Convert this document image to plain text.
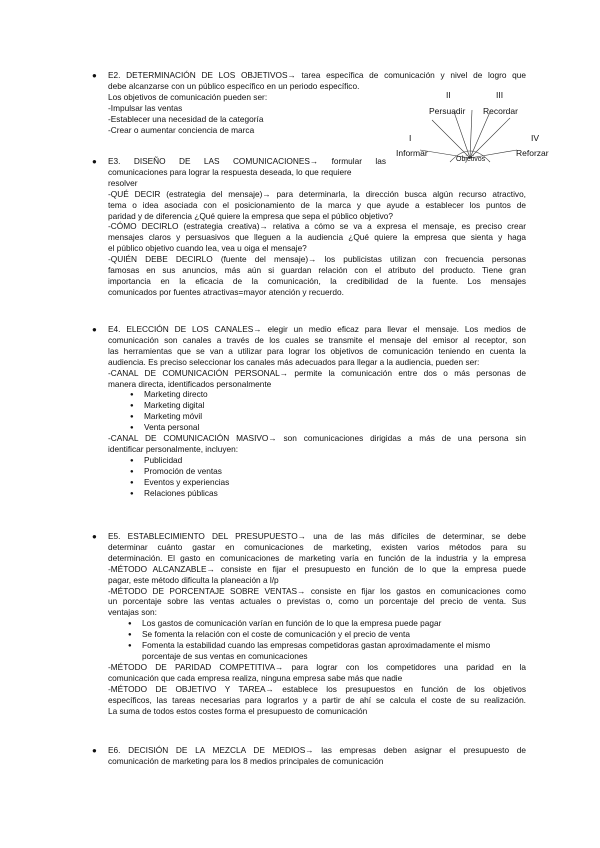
● E2. DETERMINACIÓN DE LOS OBJETIVOS→ tarea específica de comunicación y nivel de logro que
debe alcanzarse con un público específico en un periodo específico.
Los objetivos de comunicación pueden ser:
-Impulsar las ventas
-Establecer una necesidad de la categoría
-Crear o aumentar conciencia de marca
II	III
Persuadir Recordar
I	IV
Informar	Reforzar
Objetivos
● E3. DISEÑO DE LAS COMUNICACIONES→ formular las
comunicaciones para lograr la respuesta deseada, lo que requiere
resolver
-QUÉ DECIR (estrategia del mensaje)→ para determinarla, la dirección busca algún recurso atractivo,
tema o idea asociada con el posicionamiento de la marca y que ayude a establecer los puntos de
paridad y de diferencia ¿Qué quiere la empresa que sepa el público objetivo?
-CÓMO DECIRLO (estrategia creativa)→ relativa a cómo se va a expresa el mensaje, es preciso crear
mensajes claros y persuasivos que lleguen a la audiencia ¿Qué quiere la empresa que sienta y haga
el público objetivo cuando lea, vea u oiga el mensaje?
-QUIÉN DEBE DECIRLO (fuente del mensaje)→ los publicistas utilizan con frecuencia personas
famosas en sus anuncios, más aún si guardan relación con el atributo del producto. Tiene gran
importancia en la eficacia de la comunicación, la credibilidad de la fuente. Los mensajes
comunicados por fuentes atractivas=mayor atención y recuerdo.
● E4. ELECCIÓN DE LOS CANALES→ elegir un medio eficaz para llevar el mensaje. Los medios de
comunicación son canales a través de los cuales se transmite el mensaje del emisor al receptor, son
las herramientas que se van a utilizar para lograr los objetivos de comunicación teniendo en cuenta la
audiencia. Es preciso seleccionar los canales más adecuados para llegar a la audiencia, pueden ser:
-CANAL DE COMUNICACIÓN PERSONAL→ permite la comunicación entre dos o más personas de
manera directa, identificados personalmente
● Marketing directo
● Marketing digital
● Marketing móvil
● Venta personal
-CANAL DE COMUNICACIÓN MASIVO→ son comunicaciones dirigidas a más de una persona sin
identificar personalmente, incluyen:
● Publicidad
● Promoción de ventas
● Eventos y experiencias
● Relaciones públicas
● E5. ESTABLECIMIENTO DEL PRESUPUESTO→ una de las más difíciles de determinar, se debe
determinar cuánto gastar en comunicaciones de marketing, existen varios métodos para su
determinación. El gasto en comunicaciones de marketing varía en función de la industria y la empresa
-MÉTODO ALCANZABLE→ consiste en fijar el presupuesto en función de lo que la empresa puede
pagar, este método dificulta la planeación a l/p
-MÉTODO DE PORCENTAJE SOBRE VENTAS→ consiste en fijar los gastos en comunicaciones como
un porcentaje sobre las ventas actuales o previstas o, como un porcentaje del precio de venta. Sus
ventajas son:
● Los gastos de comunicación varían en función de lo que la empresa puede pagar
● Se fomenta la relación con el coste de comunicación y el precio de venta
● Fomenta la estabilidad cuando las empresas competidoras gastan aproximadamente el mismo porcentaje de sus ventas en comunicaciones
-MÉTODO DE PARIDAD COMPETITIVA→ para lograr con los competidores una paridad en la
comunicación que cada empresa realiza, ninguna empresa sabe más que nadie
-MÉTODO DE OBJETIVO Y TAREA→ establece los presupuestos en función de los objetivos
específicos, las tareas necesarias para lograrlos y a partir de ahí se calcula el coste de su realización.
La suma de todos estos costes forma el presupuesto de comunicación
● E6. DECISIÓN DE LA MEZCLA DE MEDIOS→ las empresas deben asignar el presupuesto de
comunicación de marketing para los 8 medios principales de comunicación
